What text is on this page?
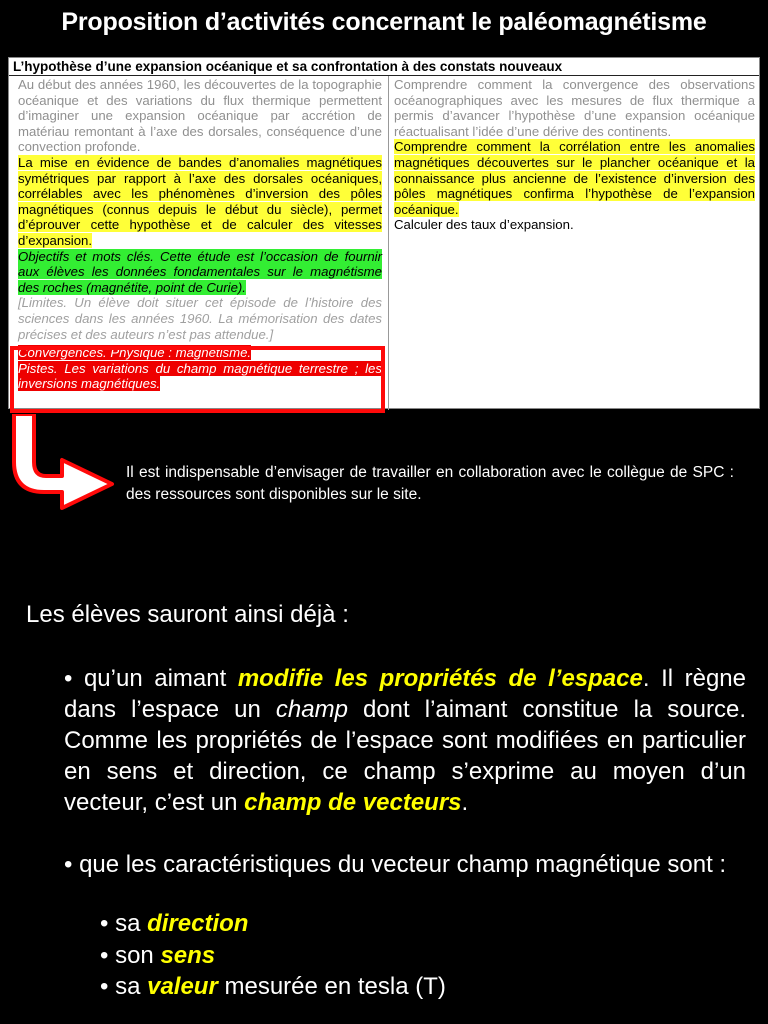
Proposition d’activités concernant le paléomagnétisme
L’hypothèse d’une expansion océanique et sa confrontation à des constats nouveaux
Au début des années 1960, les découvertes de la topographie océanique et des variations du flux thermique permettent d’imaginer une expansion océanique par accrétion de matériau remontant à l’axe des dorsales, conséquence d’une convection profonde.
La mise en évidence de bandes d’anomalies magnétiques symétriques par rapport à l’axe des dorsales océaniques, corrélables avec les phénomènes d’inversion des pôles magnétiques (connus depuis le début du siècle), permet d’éprouver cette hypothèse et de calculer des vitesses d’expansion.
Objectifs et mots clés. Cette étude est l’occasion de fournir aux élèves les données fondamentales sur le magnétisme des roches (magnétite, point de Curie).
[Limites. Un élève doit situer cet épisode de l’histoire des sciences dans les années 1960. La mémorisation des dates précises et des auteurs n’est pas attendue.]
Convergences. Physique : magnétisme.
Pistes. Les variations du champ magnétique terrestre ; les inversions magnétiques.
Comprendre comment la convergence des observations océanographiques avec les mesures de flux thermique a permis d’avancer l’hypothèse d’une expansion océanique réactualisant l’idée d’une dérive des continents.
Comprendre comment la corrélation entre les anomalies magnétiques découvertes sur le plancher océanique et la connaissance plus ancienne de l’existence d’inversion des pôles magnétiques confirma l’hypothèse de l’expansion océanique.
Calculer des taux d’expansion.
Il est indispensable d’envisager de travailler en collaboration avec le collègue de SPC : des ressources sont disponibles sur le site.
Les élèves sauront ainsi déjà :
• qu’un aimant modifie les propriétés de l’espace. Il règne dans l’espace un champ dont l’aimant constitue la source. Comme les propriétés de l’espace sont modifiées en particulier en sens et direction, ce champ s’exprime au moyen d’un vecteur, c’est un champ de vecteurs.
• que les caractéristiques du vecteur champ magnétique sont :
• sa direction
• son sens
• sa valeur mesurée en tesla (T)
